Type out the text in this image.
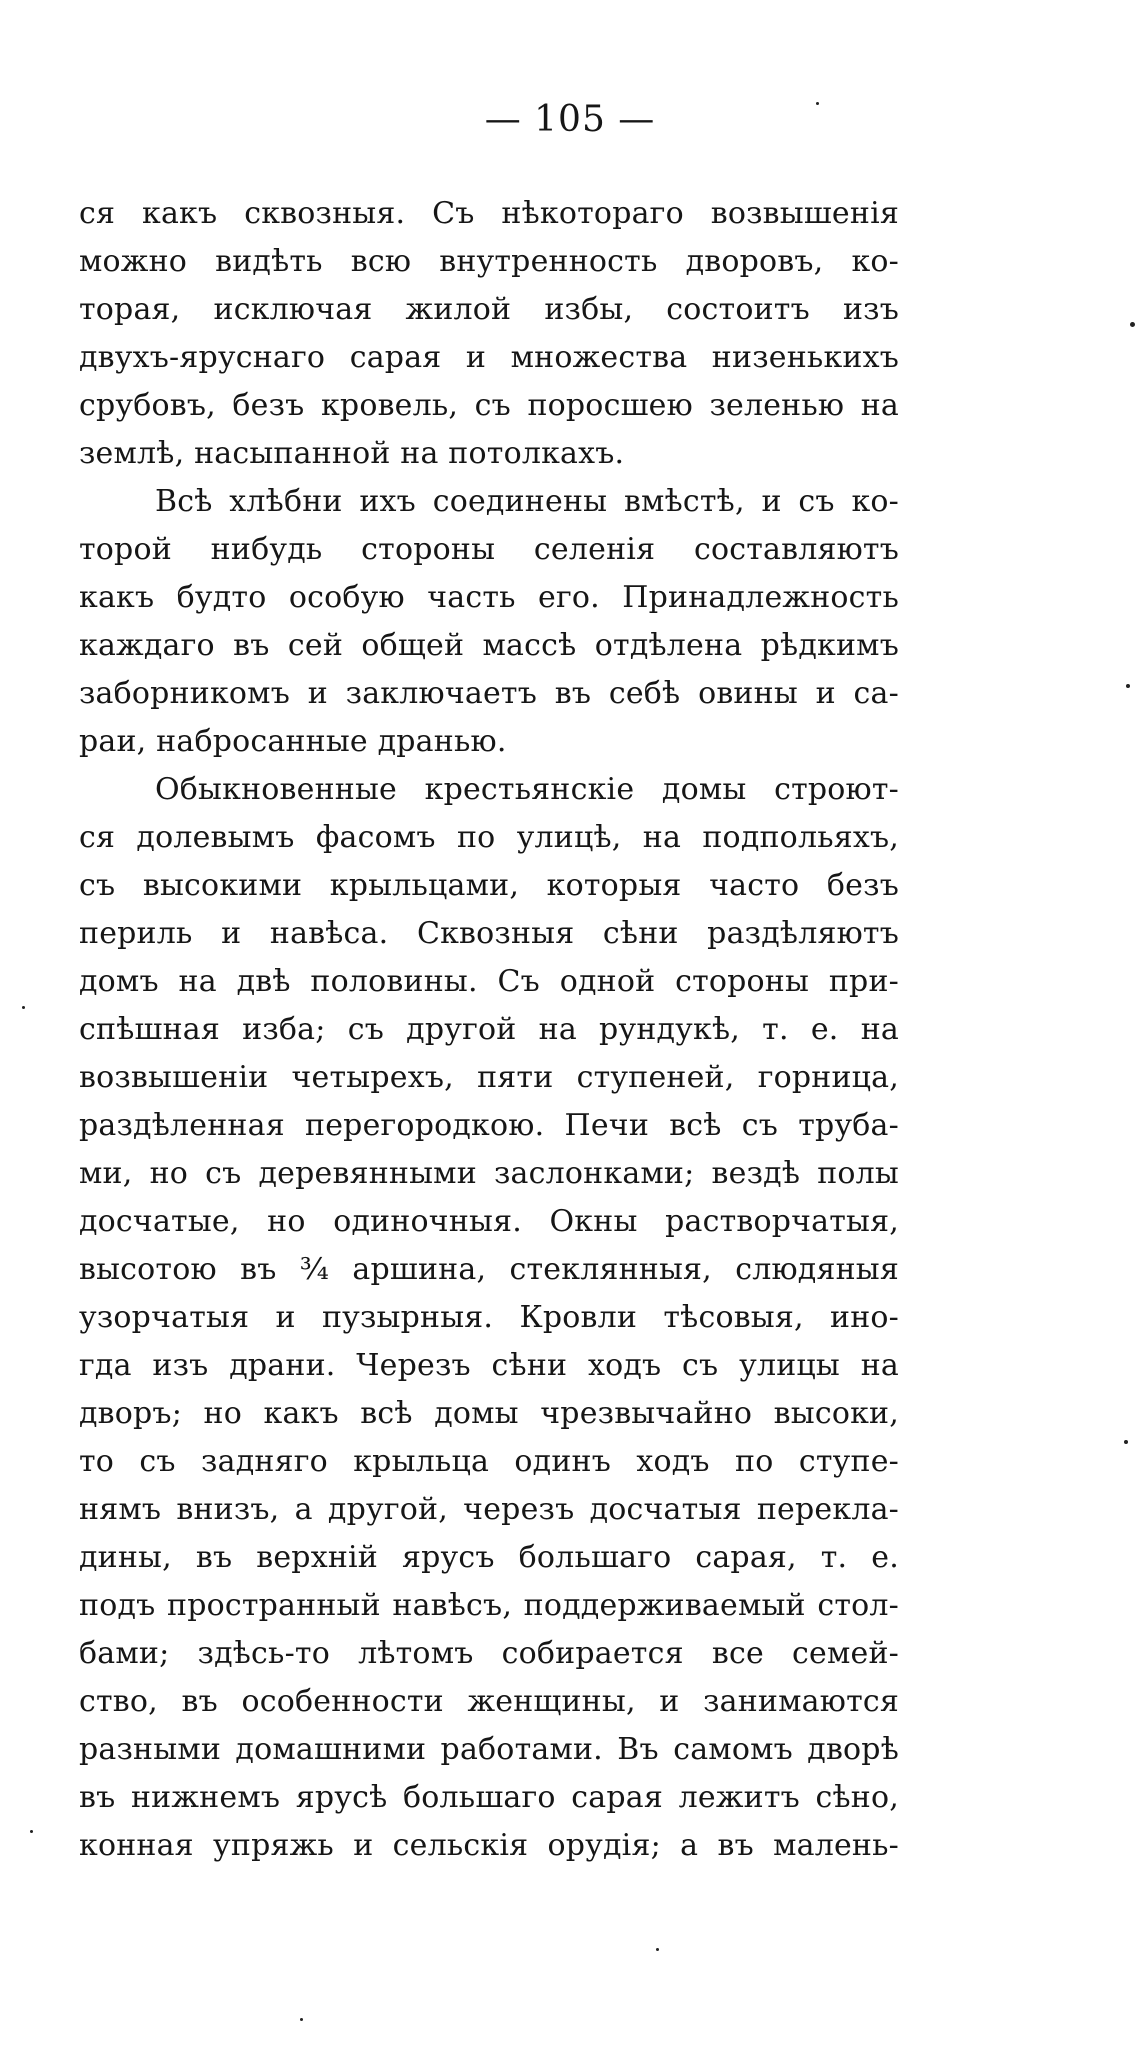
— 105 —
ся какъ сквозныя. Съ нѣкотораго возвышенія
можно видѣть всю внутренность дворовъ, ко-
торая, исключая жилой избы, состоитъ изъ
двухъ-яруснаго сарая и множества низенькихъ
срубовъ, безъ кровель, съ поросшею зеленью на
землѣ, насыпанной на потолкахъ.
Всѣ хлѣбни ихъ соединены вмѣстѣ, и съ ко-
торой нибудь стороны селенія составляютъ
какъ будто особую часть его. Принадлежность
каждаго въ сей общей массѣ отдѣлена рѣдкимъ
заборникомъ и заключаетъ въ себѣ овины и са-
раи, набросанные дранью.
Обыкновенные крестьянскіе домы строют-
ся долевымъ фасомъ по улицѣ, на подпольяхъ,
съ высокими крыльцами, которыя часто безъ
периль и навѣса. Сквозныя сѣни раздѣляютъ
домъ на двѣ половины. Съ одной стороны при-
спѣшная изба; съ другой на рундукѣ, т. е. на
возвышеніи четырехъ, пяти ступеней, горница,
раздѣленная перегородкою. Печи всѣ съ труба-
ми, но съ деревянными заслонками; вездѣ полы
досчатые, но одиночныя. Окны растворчатыя,
высотою въ ¾ аршина, стеклянныя, слюдяныя
узорчатыя и пузырныя. Кровли тѣсовыя, ино-
гда изъ драни. Черезъ сѣни ходъ съ улицы на
дворъ; но какъ всѣ домы чрезвычайно высоки,
то съ задняго крыльца одинъ ходъ по ступе-
нямъ внизъ, а другой, черезъ досчатыя перекла-
дины, въ верхній ярусъ большаго сарая, т. е.
подъ пространный навѣсъ, поддерживаемый стол-
бами; здѣсь-то лѣтомъ собирается все семей-
ство, въ особенности женщины, и занимаются
разными домашними работами. Въ самомъ дворѣ
въ нижнемъ ярусѣ большаго сарая лежитъ сѣно,
конная упряжь и сельскія орудія; а въ малень-
